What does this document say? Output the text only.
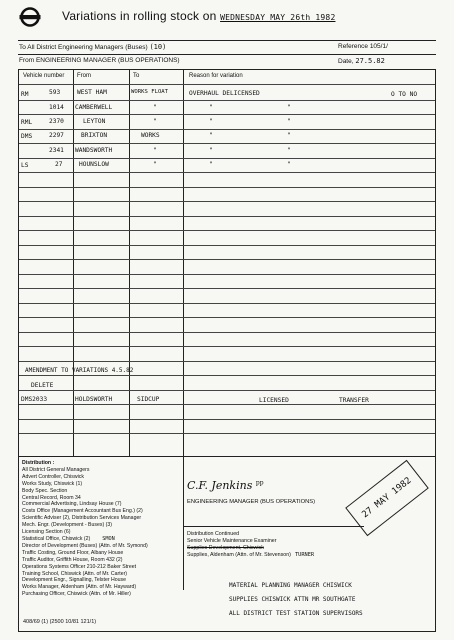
Variations in rolling stock on WEDNESDAY MAY 26th 1982
To All District Engineering Managers (Buses) (10)	Reference 105/1/
From ENGINEERING MANAGER (BUS OPERATIONS)	Date, 27.5.82
Vehicle number From	To	Reason for variation
RM	593	WEST HAM	WORKS FLOAT	OVERHAUL DELICENSED	O TO NO
1014 CAMBERWELL	"	"	"
RML	2370	LEYTON	"	"	"
DMS	2297	BRIXTON	WORKS	"	"
2341 WANDSWORTH	"	"	"
LS	27	HOUNSLOW	"	"	"
AMENDMENT TO VARIATIONS 4.5.82
DELETE
DMS2033	HOLDSWORTH	SIDCUP	LICENSED	TRANSFER
Distribution :
All District General Managers
Advert Controller, Chiswick
Works Study, Chiswick (1)
Body Spec. Section
Central Record, Room 34
Commercial Advertising, Lindsay House (7)
Costs Office (Management Accountant Bus Eng.) (2)
Scientific Adviser (2), Distribution Services Manager
Mech. Engr. (Development - Buses) (3)
Licensing Section (6)
Statistical Office, Chiswick (2) SMON
Director of Development (Buses) (Attn. of Mr. Symond)
Traffic Costing, Ground Floor, Albany House
Traffic Auditor, Griffith House, Room 432 (2)
Operations Systems Officer 210-212 Baker Street
Training School, Chiswick (Attn. of Mr. Carter)
Development Engr., Signalling, Telster House
Works Manager, Aldenham (Attn. of Mr. Hayward)
Purchasing Officer, Chiswick (Attn. of Mr. Hiller)
C.F. Jenkins $^{pp}$
ENGINEERING MANAGER (BUS OPERATIONS)
Distribution Continued
Senior Vehicle Maintenance Examiner
Supplies Development, Chiswick
Supplies, Aldenham (Attn. of Mr. Stevenson) TURNER
MATERIAL PLANNING MANAGER CHISWICK
SUPPLIES CHISWICK ATTN MR SOUTHGATE
ALL DISTRICT TEST STATION SUPERVISORS
408/69 (1) (2500 10/81 121/1)
27 MAY 1982
